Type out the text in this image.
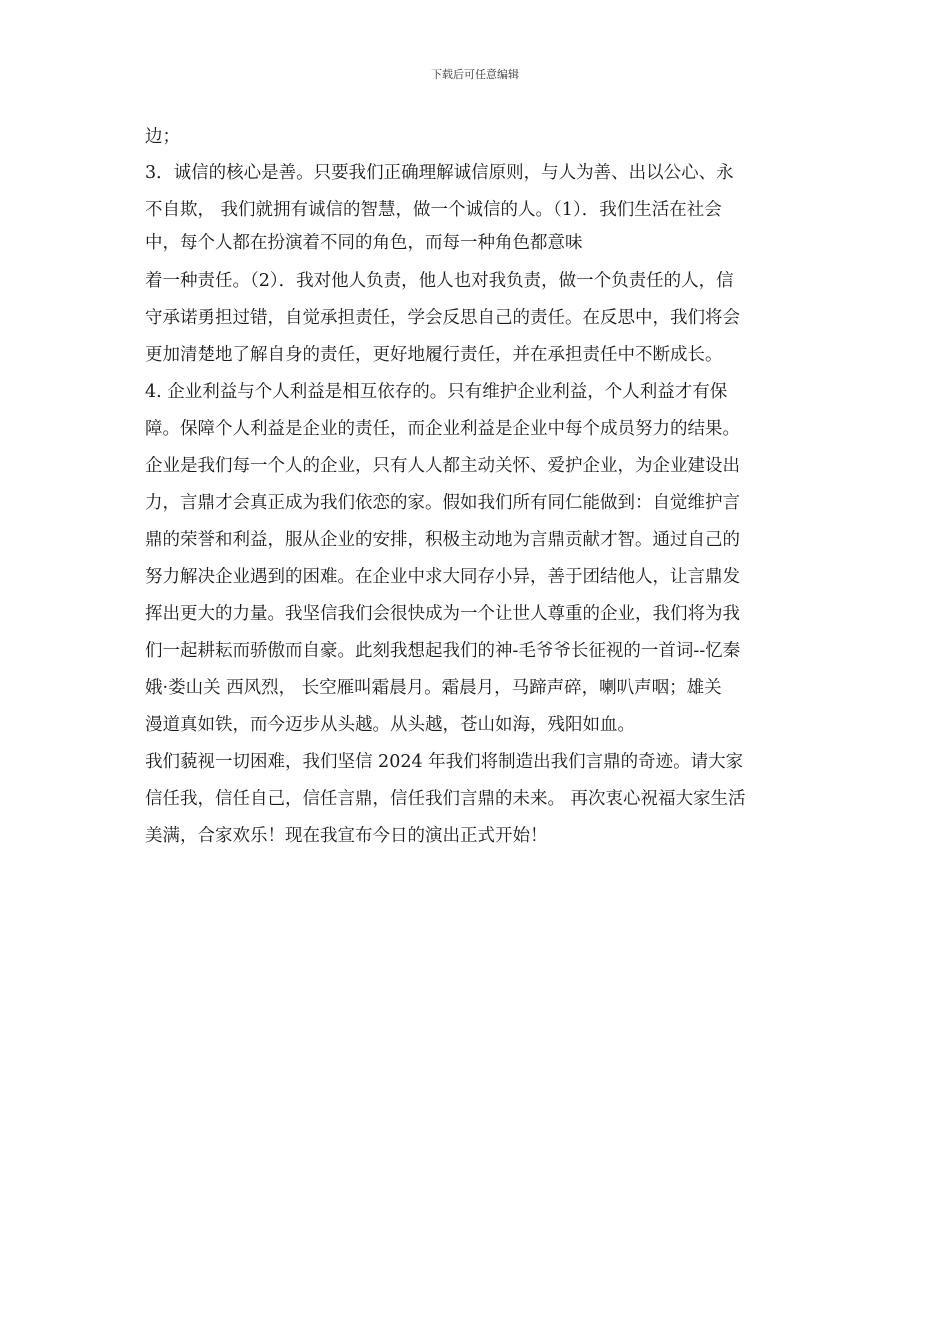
下载后可任意编辑
边；
3．诚信的核心是善。只要我们正确理解诚信原则，与人为善、出以公心、永
不自欺， 我们就拥有诚信的智慧，做一个诚信的人。（1）．我们生活在社会
中，每个人都在扮演着不同的角色，而每一种角色都意味
着一种责任。（2）．我对他人负责，他人也对我负责，做一个负责任的人，信
守承诺勇担过错，自觉承担责任，学会反思自己的责任。在反思中，我们将会
更加清楚地了解自身的责任，更好地履行责任，并在承担责任中不断成长。
4. 企业利益与个人利益是相互依存的。只有维护企业利益，个人利益才有保
障。保障个人利益是企业的责任，而企业利益是企业中每个成员努力的结果。
企业是我们每一个人的企业，只有人人都主动关怀、爱护企业，为企业建设出
力，言鼎才会真正成为我们依恋的家。假如我们所有同仁能做到：自觉维护言
鼎的荣誉和利益，服从企业的安排，积极主动地为言鼎贡献才智。通过自己的
努力解决企业遇到的困难。在企业中求大同存小异，善于团结他人，让言鼎发
挥出更大的力量。我坚信我们会很快成为一个让世人尊重的企业，我们将为我
们一起耕耘而骄傲而自豪。此刻我想起我们的神-毛爷爷长征视的一首词--忆秦
娥·娄山关 西风烈， 长空雁叫霜晨月。霜晨月，马蹄声碎，喇叭声咽；雄关
漫道真如铁，而今迈步从头越。从头越，苍山如海，残阳如血。
我们藐视一切困难，我们坚信 2024 年我们将制造出我们言鼎的奇迹。请大家
信任我，信任自己，信任言鼎，信任我们言鼎的未来。 再次衷心祝福大家生活
美满，合家欢乐！现在我宣布今日的演出正式开始！
